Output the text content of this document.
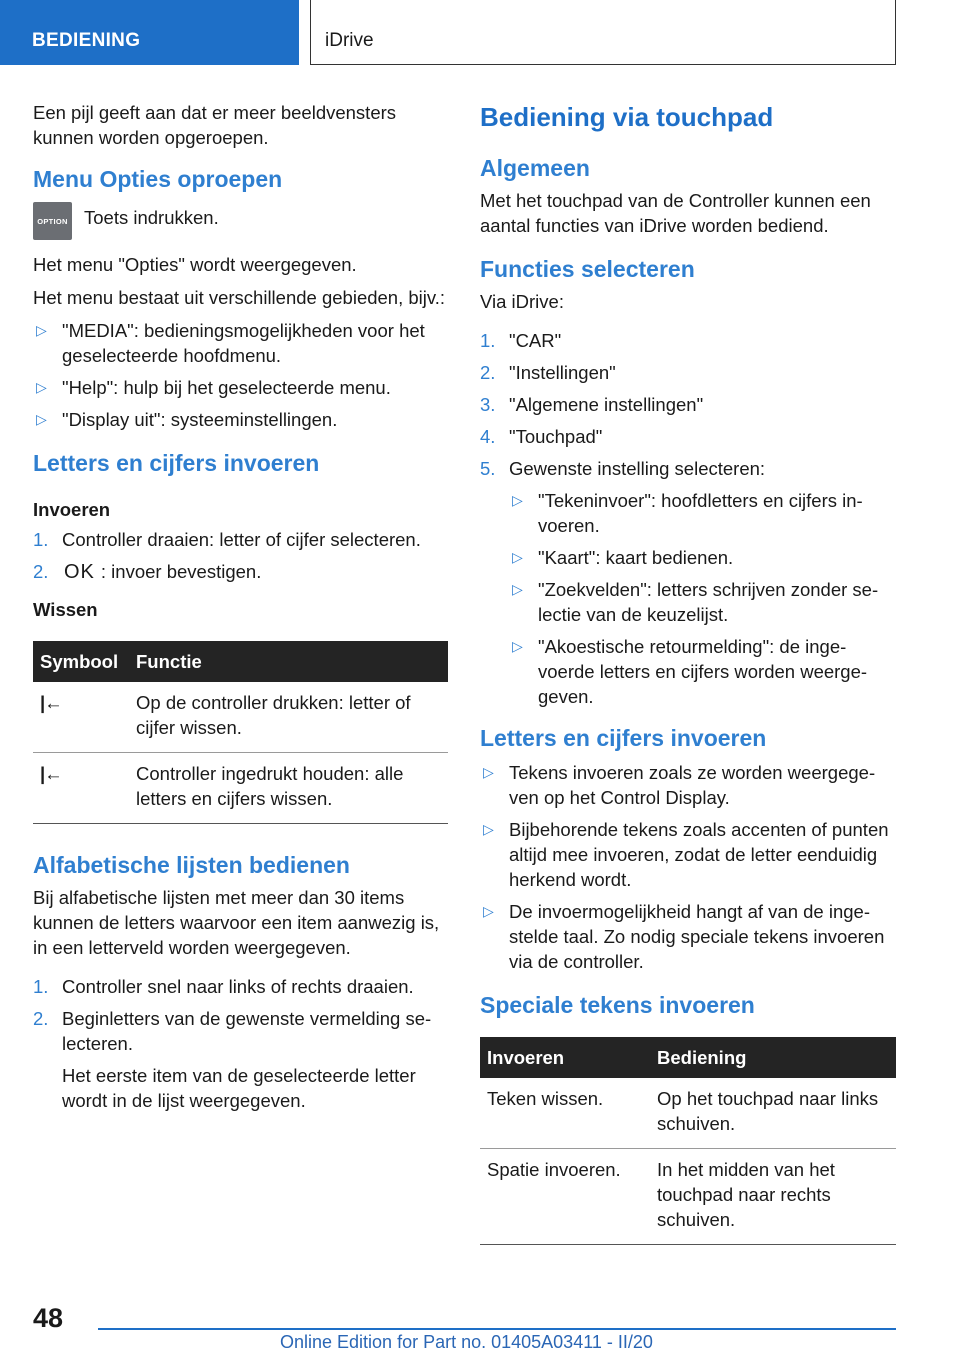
BEDIENING	iDrive

Een pijl geeft aan dat er meer beeldvensters kunnen worden opgeroepen.

Menu Opties oproepen
OPTION Toets indrukken.

Het menu "Opties" wordt weergegeven.

Het menu bestaat uit verschillende gebieden, bijv.:

▷ "MEDIA": bedieningsmogelijkheden voor het geselecteerde hoofdmenu.
▷ "Help": hulp bij het geselecteerde menu.
▷ "Display uit": systeeminstellingen.
Letters en cijfers invoeren
Invoeren
1. Controller draaien: letter of cijfer selecteren.
2. OK : invoer bevestigen.
Wissen
Symbool	Functie
|←	Op de controller drukken: letter of cijfer wissen.
|←	Controller ingedrukt houden: alle letters en cijfers wissen.
Alfabetische lijsten bedienen

Bij alfabetische lijsten met meer dan 30 items kunnen de letters waarvoor een item aanwezig is, in een letterveld worden weergegeven.

1. Controller snel naar links of rechts draaien.
2. Beginletters van de gewenste vermelding selecteren.
Het eerste item van de geselecteerde letter wordt in de lijst weergegeven.
Bediening via touchpad
Algemeen

Met het touchpad van de Controller kunnen een aantal functies van iDrive worden bediend.

Functies selecteren

Via iDrive:

1. "CAR"
2. "Instellingen"
3. "Algemene instellingen"
4. "Touchpad"
5. Gewenste instelling selecteren:
▷ "Tekeninvoer": hoofdletters en cijfers invoeren.
▷ "Kaart": kaart bedienen.
▷ "Zoekvelden": letters schrijven zonder selectie van de keuzelijst.
▷ "Akoestische retourmelding": de ingevoerde letters en cijfers worden weergegeven.
Letters en cijfers invoeren
▷ Tekens invoeren zoals ze worden weergegeven op het Control Display.
▷ Bijbehorende tekens zoals accenten of punten altijd mee invoeren, zodat de letter eenduidig herkend wordt.
▷ De invoermogelijkheid hangt af van de ingestelde taal. Zo nodig speciale tekens invoeren via de controller.
Speciale tekens invoeren
Invoeren	Bediening
Teken wissen.	Op het touchpad naar links schuiven.
Spatie invoeren.	In het midden van het touchpad naar rechts schuiven.
48
Online Edition for Part no. 01405A03411 - II/20
